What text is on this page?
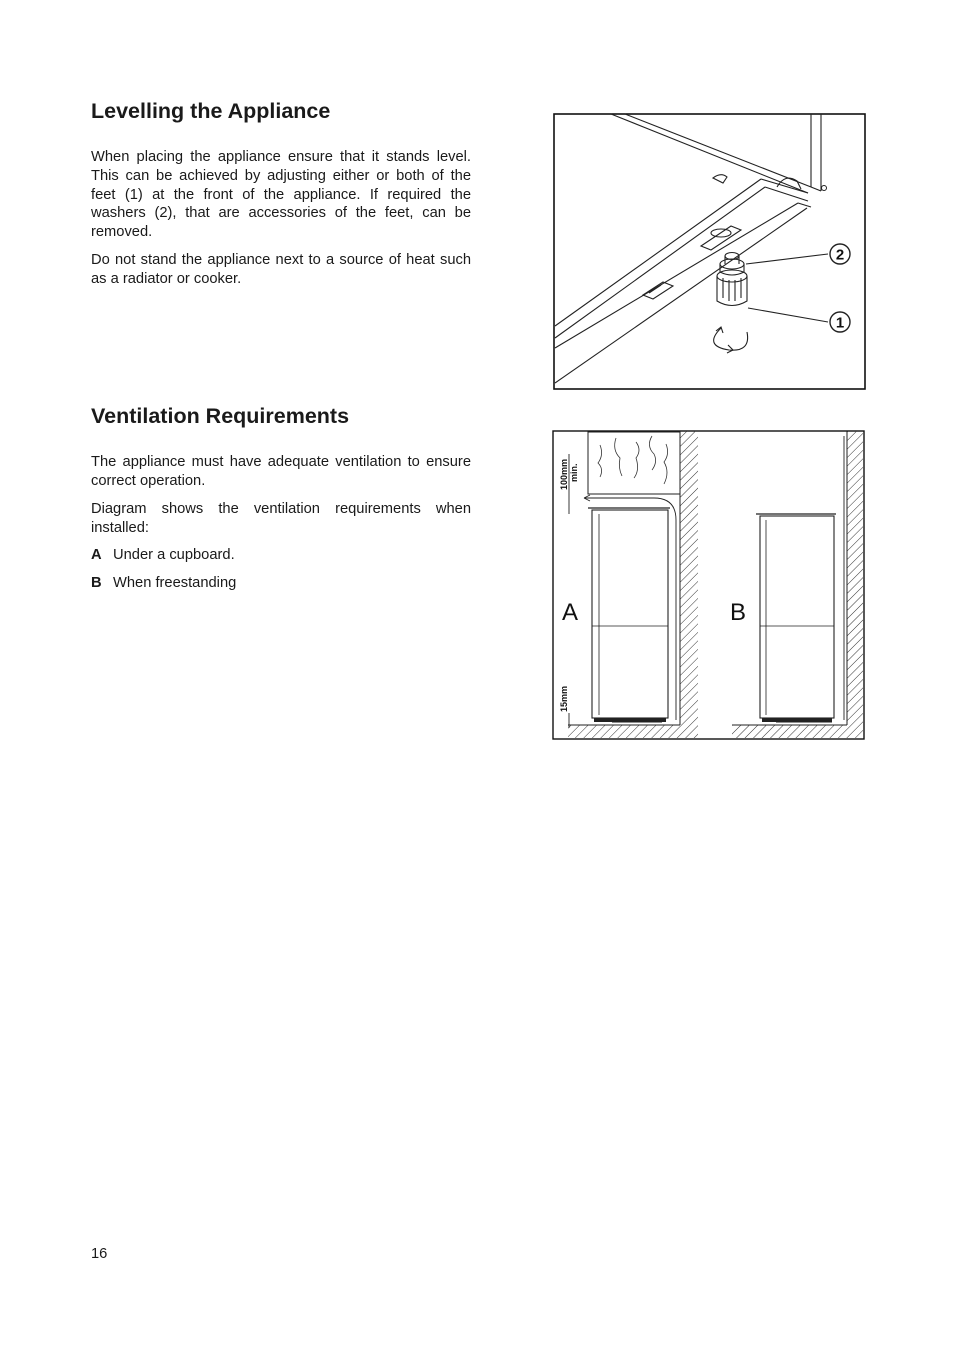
Levelling the Appliance

When placing the appliance ensure that it stands level. This can be achieved by adjusting either or both of the feet (1) at the front of the appliance. If required the washers (2), that are accessories of the feet, can be removed.

Do not stand the appliance next to a source of heat such as a radiator or cooker.

2
1
Ventilation Requirements

The appliance must have adequate ventilation to ensure correct operation.

Diagram shows the ventilation requirements when installed:

A Under a cupboard.
B When freestanding
100mm min.
15mm
A	B
16
